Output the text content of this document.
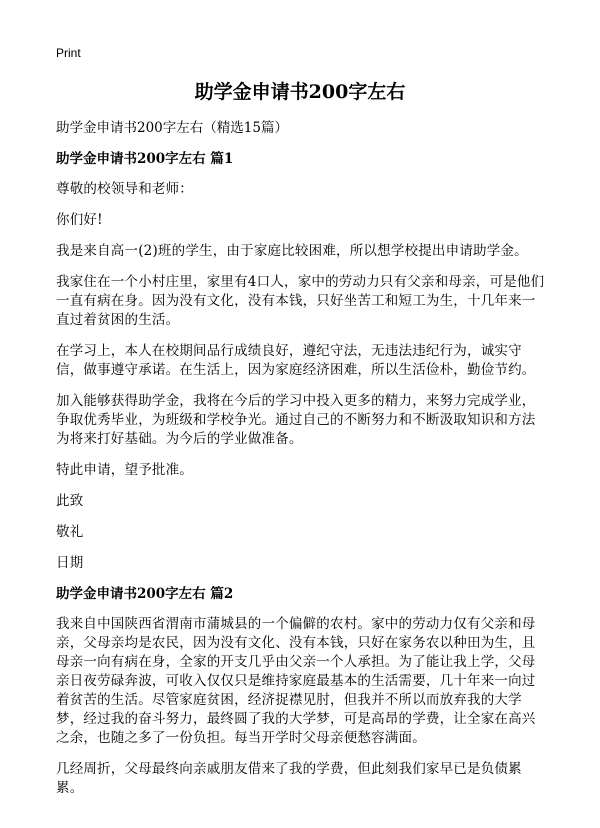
Print
助学金申请书200字左右

助学金申请书200字左右（精选15篇）

助学金申请书200字左右 篇1

尊敬的校领导和老师：

你们好!

我是来自高一(2)班的学生，由于家庭比较困难，所以想学校提出申请助学金。

我家住在一个小村庄里，家里有4口人，家中的劳动力只有父亲和母亲，可是他们一直有病在身。因为没有文化，没有本钱，只好坐苦工和短工为生，十几年来一直过着贫困的生活。

在学习上，本人在校期间品行成绩良好，遵纪守法，无违法违纪行为，诚实守信，做事遵守承诺。在生活上，因为家庭经济困难，所以生活俭朴，勤俭节约。

加入能够获得助学金，我将在今后的学习中投入更多的精力，来努力完成学业，争取优秀毕业，为班级和学校争光。通过自己的不断努力和不断汲取知识和方法为将来打好基础。为今后的学业做准备。

特此申请，望予批准。

此致

敬礼

日期

助学金申请书200字左右 篇2

我来自中国陕西省渭南市蒲城县的一个偏僻的农村。家中的劳动力仅有父亲和母亲，父母亲均是农民，因为没有文化、没有本钱，只好在家务农以种田为生，且母亲一向有病在身，全家的开支几乎由父亲一个人承担。为了能让我上学，父母亲日夜劳碌奔波，可收入仅仅只是维持家庭最基本的生活需要，几十年来一向过着贫苦的生活。尽管家庭贫困，经济捉襟见肘，但我并不所以而放弃我的大学梦，经过我的奋斗努力，最终圆了我的大学梦，可是高昂的学费，让全家在高兴之余，也随之多了一份负担。每当开学时父母亲便愁容满面。

几经周折，父母最终向亲戚朋友借来了我的学费，但此刻我们家早已是负债累累。
